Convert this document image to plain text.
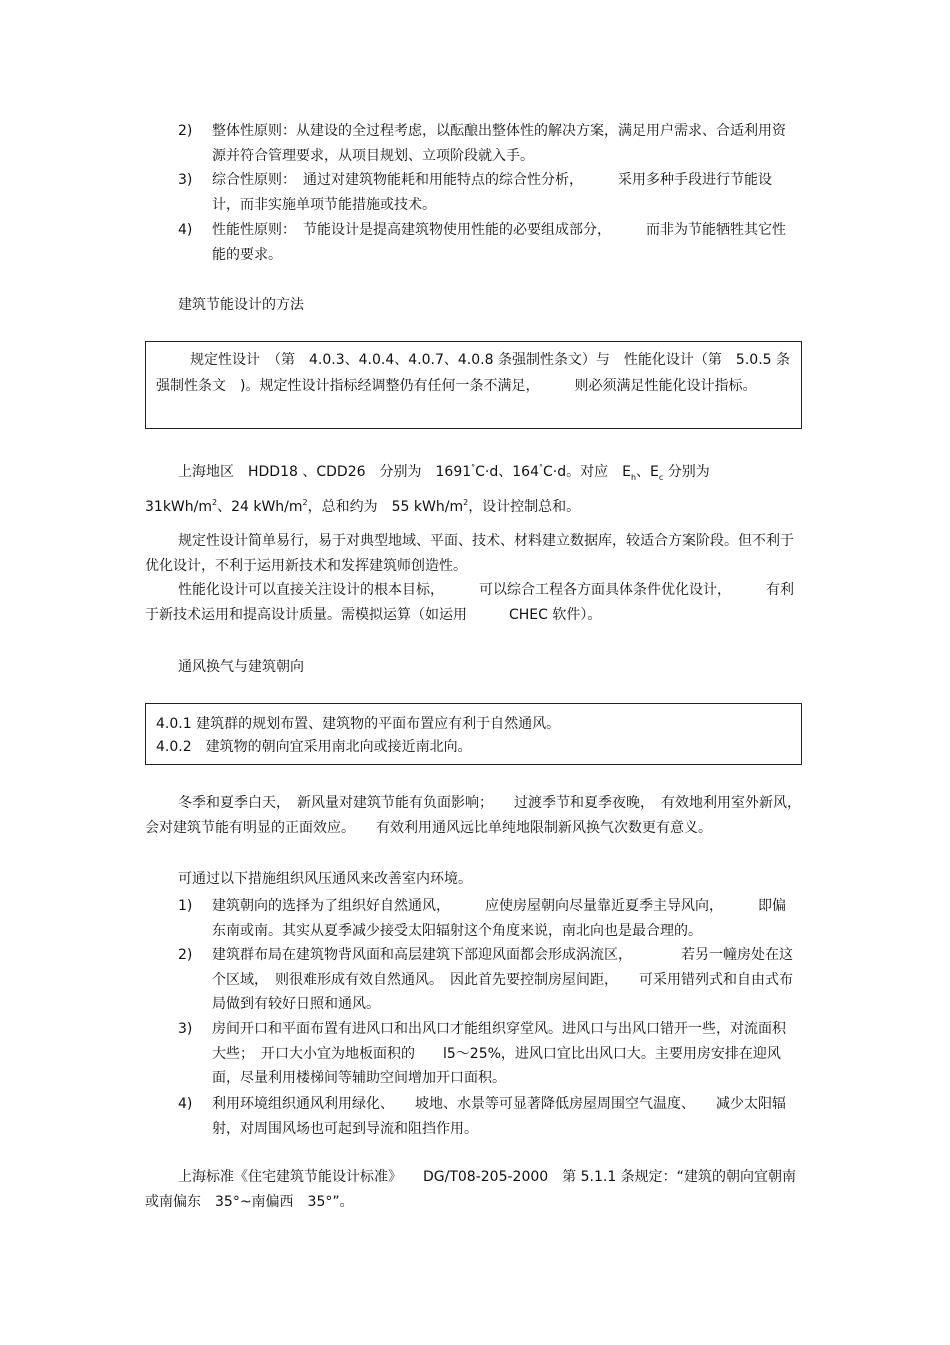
2) 整体性原则：从建设的全过程考虑，以酝酿出整体性的解决方案，满足用户需求、合适利用资源并符合管理要求，从项目规划、立项阶段就入手。
3) 综合性原则：　通过对建筑物能耗和用能特点的综合性分析，　　　采用多种手段进行节能设计，而非实施单项节能措施或技术。
4) 性能性原则：　节能设计是提高建筑物使用性能的必要组成部分，　　　而非为节能牺牲其它性能的要求。
建筑节能设计的方法
规定性设计　（第　4.0.3、4.0.4、4.0.7、4.0.8 条强制性条文）与　性能化设计（第　5.0.5 条强制性条文　)。规定性设计指标经调整仍有任何一条不满足，　　　则必须满足性能化设计指标。
上海地区　HDD18 、CDD26　分别为　1691°C·d、164°C·d。对应　$E_h$、$E_c$ 分别为　$31kWh/m^2$、24 kWh/$m^2$，总和约为　55 kWh/$m^2$，设计控制总和。
规定性设计简单易行，易于对典型地域、平面、技术、材料建立数据库，较适合方案阶段。但不利于优化设计，不利于运用新技术和发挥建筑师创造性。
性能化设计可以直接关注设计的根本目标，　　　可以综合工程各方面具体条件优化设计，　　　有利于新技术运用和提高设计质量。需模拟运算（如运用　　　CHEC 软件）。
通风换气与建筑朝向
4.0.1 建筑群的规划布置、建筑物的平面布置应有利于自然通风。
4.0.2　建筑物的朝向宜采用南北向或接近南北向。
冬季和夏季白天，　新风量对建筑节能有负面影响；　　过渡季节和夏季夜晚，　有效地利用室外新风，会对建筑节能有明显的正面效应。　　有效利用通风远比单纯地限制新风换气次数更有意义。
可通过以下措施组织风压通风来改善室内环境。
1) 建筑朝向的选择为了组织好自然通风，　　　应使房屋朝向尽量靠近夏季主导风向，　　　即偏东南或南。其实从夏季减少接受太阳辐射这个角度来说，南北向也是最合理的。
2) 建筑群布局在建筑物背风面和高层建筑下部迎风面都会形成涡流区，　　　　若另一幢房处在这个区域，　则很难形成有效自然通风。　因此首先要控制房屋间距，　　可采用错列式和自由式布局做到有较好日照和通风。
3) 房间开口和平面布置有进风口和出风口才能组织穿堂风。进风口与出风口错开一些，对流面积大些；　开口大小宜为地板面积的　　l5～25%，进风口宜比出风口大。主要用房安排在迎风面，尽量利用楼梯间等辅助空间增加开口面积。
4) 利用环境组织通风利用绿化、　　坡地、水景等可显著降低房屋周围空气温度、　　减少太阳辐射，对周围风场也可起到导流和阻挡作用。
上海标准《住宅建筑节能设计标准》　　DG/T08-205-2000　第 5.1.1 条规定：“建筑的朝向宜朝南或南偏东　35°~南偏西　35°”。
